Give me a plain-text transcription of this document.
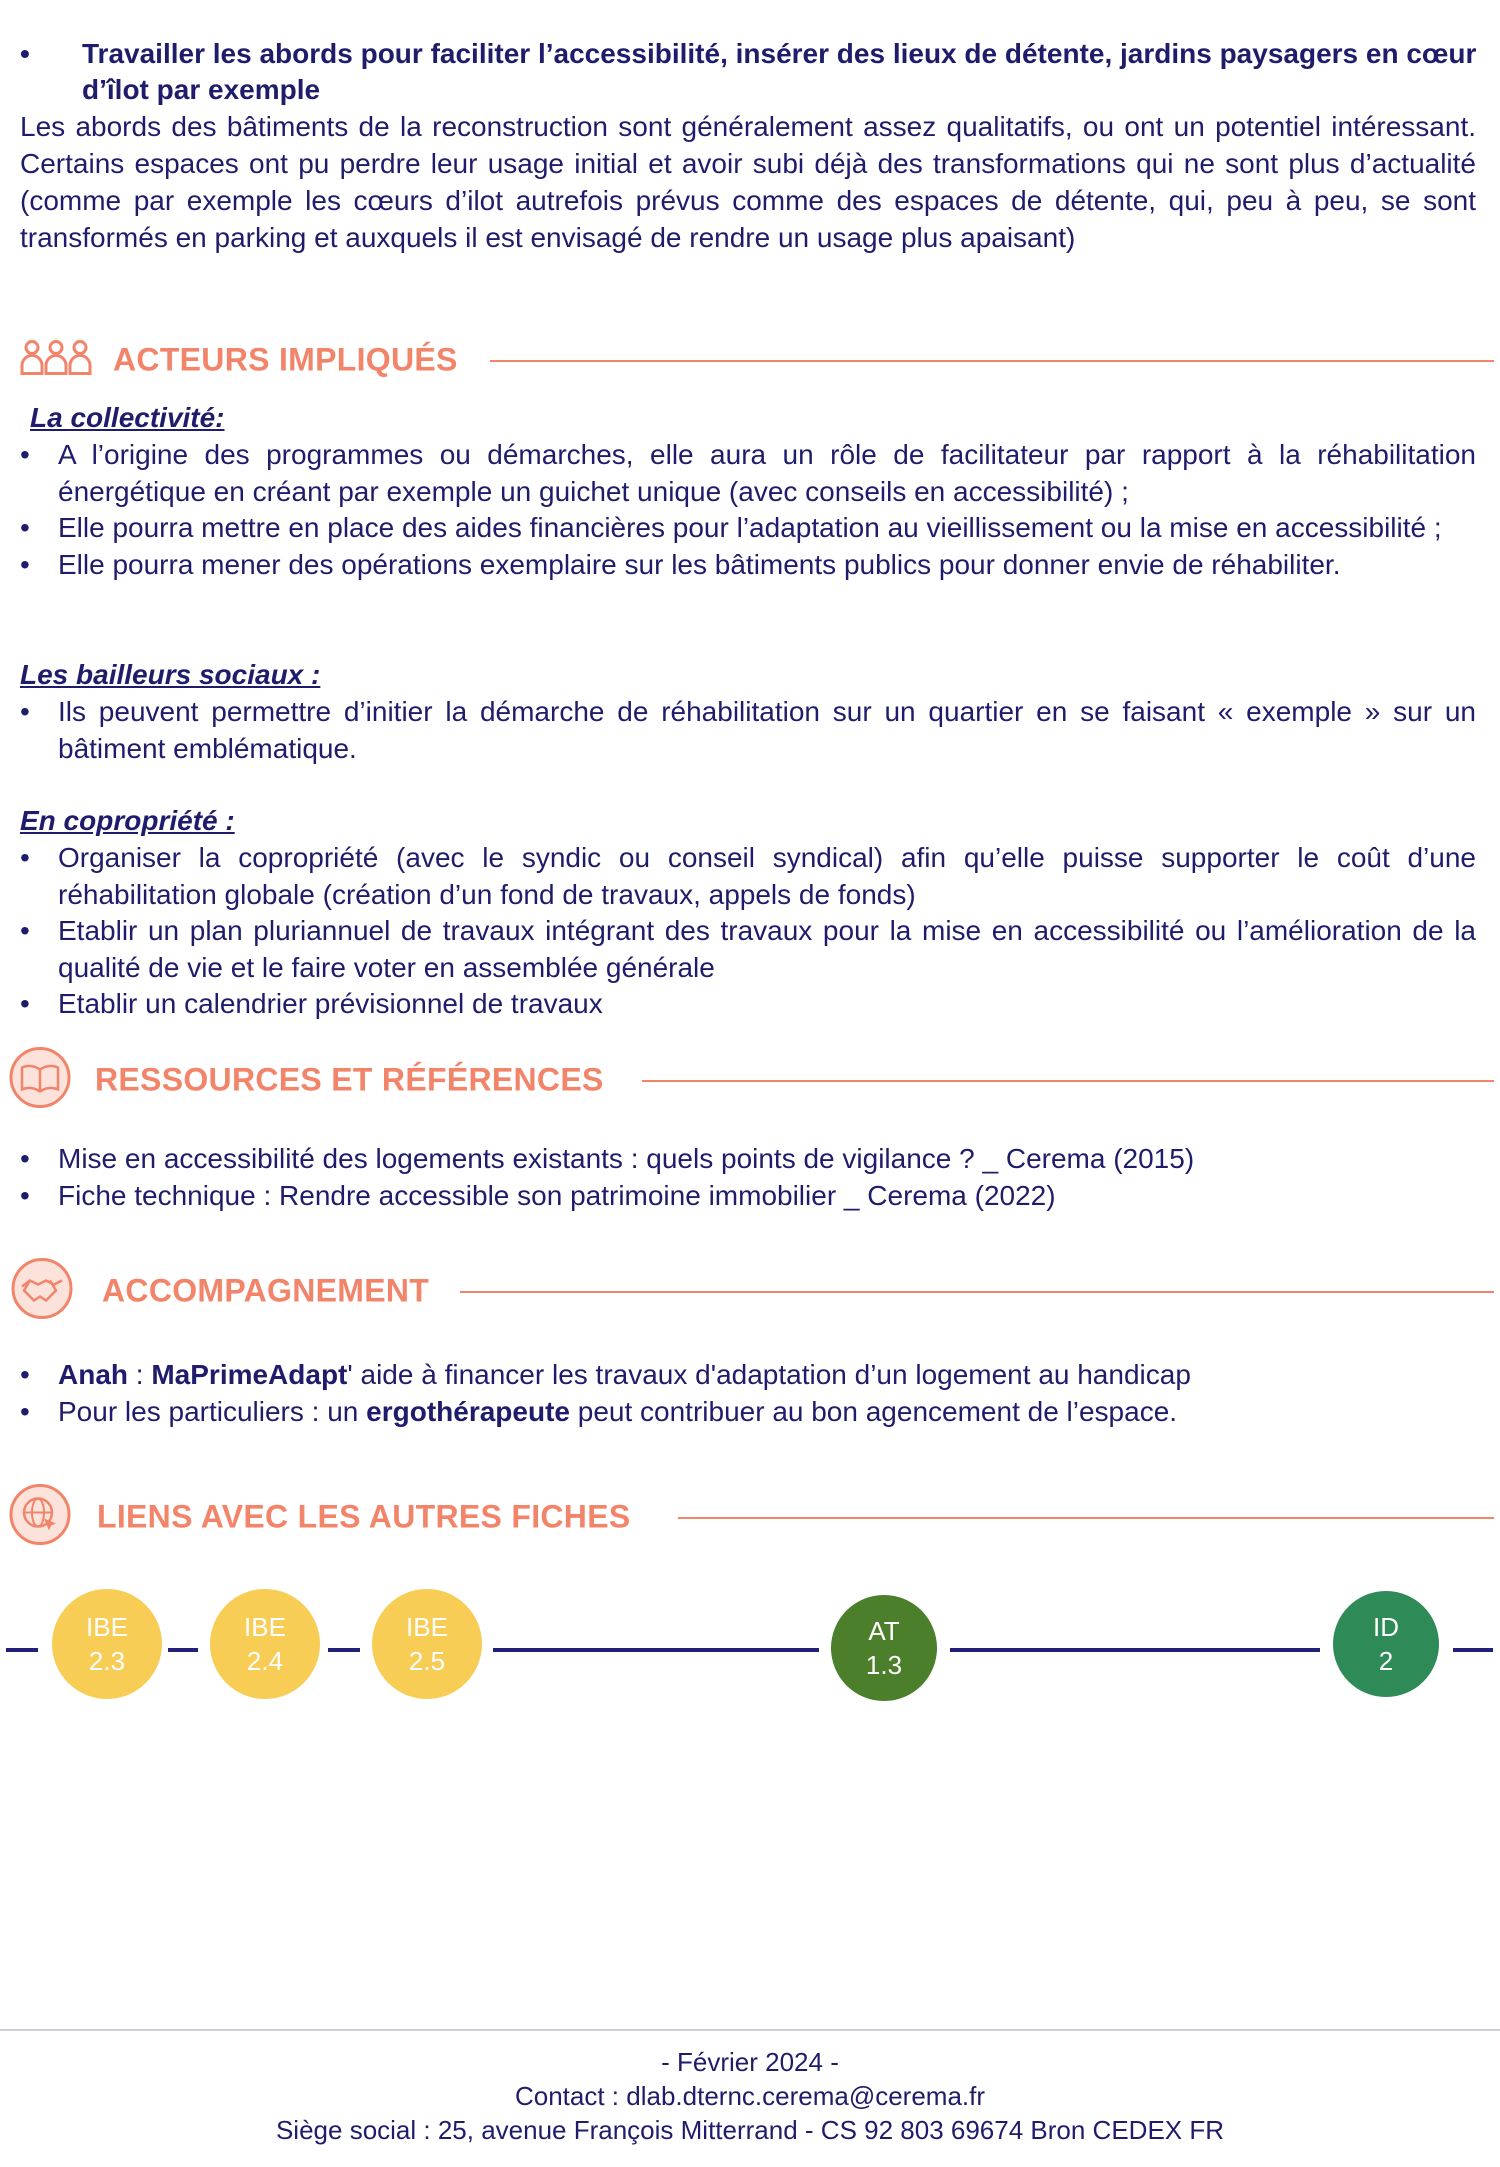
• Travailler les abords pour faciliter l’accessibilité, insérer des lieux de détente, jardins paysagers en cœur d’îlot par exemple
Les abords des bâtiments de la reconstruction sont généralement assez qualitatifs, ou ont un potentiel intéressant. Certains espaces ont pu perdre leur usage initial et avoir subi déjà des transformations qui ne sont plus d’actualité (comme par exemple les cœurs d’ilot autrefois prévus comme des espaces de détente, qui, peu à peu, se sont transformés en parking et auxquels il est envisagé de rendre un usage plus apaisant)
ACTEURS IMPLIQUÉS
La collectivité:
• A l’origine des programmes ou démarches, elle aura un rôle de facilitateur par rapport à la réhabilitation énergétique en créant par exemple un guichet unique (avec conseils en accessibilité) ;
• Elle pourra mettre en place des aides financières pour l’adaptation au vieillissement ou la mise en accessibilité ;
• Elle pourra mener des opérations exemplaire sur les bâtiments publics pour donner envie de réhabiliter.
Les bailleurs sociaux :
• Ils peuvent permettre d’initier la démarche de réhabilitation sur un quartier en se faisant « exemple » sur un bâtiment emblématique.
En copropriété :
• Organiser la copropriété (avec le syndic ou conseil syndical) afin qu’elle puisse supporter le coût d’une réhabilitation globale (création d’un fond de travaux, appels de fonds)
• Etablir un plan pluriannuel de travaux intégrant des travaux pour la mise en accessibilité ou l’amélioration de la qualité de vie et le faire voter en assemblée générale
• Etablir un calendrier prévisionnel de travaux
RESSOURCES ET RÉFÉRENCES
• Mise en accessibilité des logements existants : quels points de vigilance ? _ Cerema (2015)
• Fiche technique : Rendre accessible son patrimoine immobilier _ Cerema (2022)
ACCOMPAGNEMENT
• Anah : MaPrimeAdapt' aide à financer les travaux d'adaptation d’un logement au handicap
• Pour les particuliers : un ergothérapeute peut contribuer au bon agencement de l’espace.
LIENS AVEC LES AUTRES FICHES
IBE
2.3
IBE
2.4
IBE
2.5
AT
1.3
ID
2
- Février 2024 -
Contact : dlab.dternc.cerema@cerema.fr
Siège social : 25, avenue François Mitterrand - CS 92 803 69674 Bron CEDEX FR
